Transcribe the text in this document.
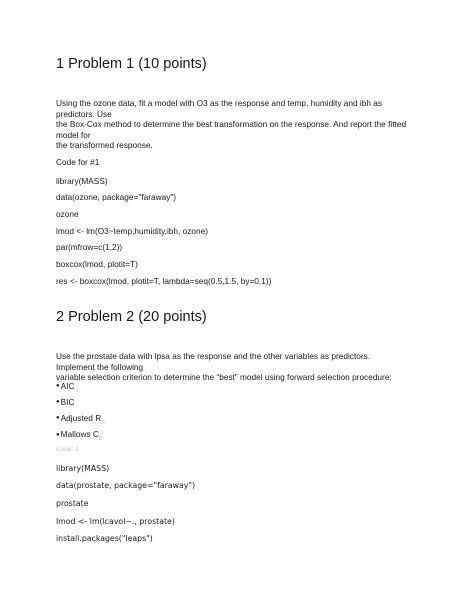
1 Problem 1 (10 points)
Using the ozone data, fit a model with O3 as the response and temp, humidity and ibh as
predictors. Use
the Box-Cox method to determine the best transformation on the response. And report the fitted
model for
the transformed response.

Code for #1

library(MASS)

data(ozone, package="faraway")

ozone

lmod <- lm(O3~temp,humidity,ibh, ozone)

par(mfrow=c(1,2))

boxcox(lmod, plotit=T)

res <- boxcox(lmod, plotit=T, lambda=seq(0.5,1.5, by=0.1))

2 Problem 2 (20 points)
Use the prostate data with lpsa as the response and the other variables as predictors.
Implement the following
variable selection criterion to determine the “best” model using forward selection procedure:
$●AIC_□$
●BIC
●Adjusted $R_□$
●Mallows $C_p$

Code: 2

library(MASS)

data(prostate, package="faraway")

prostate

lmod <- lm(lcavol~., prostate)

install.packages("leaps")
